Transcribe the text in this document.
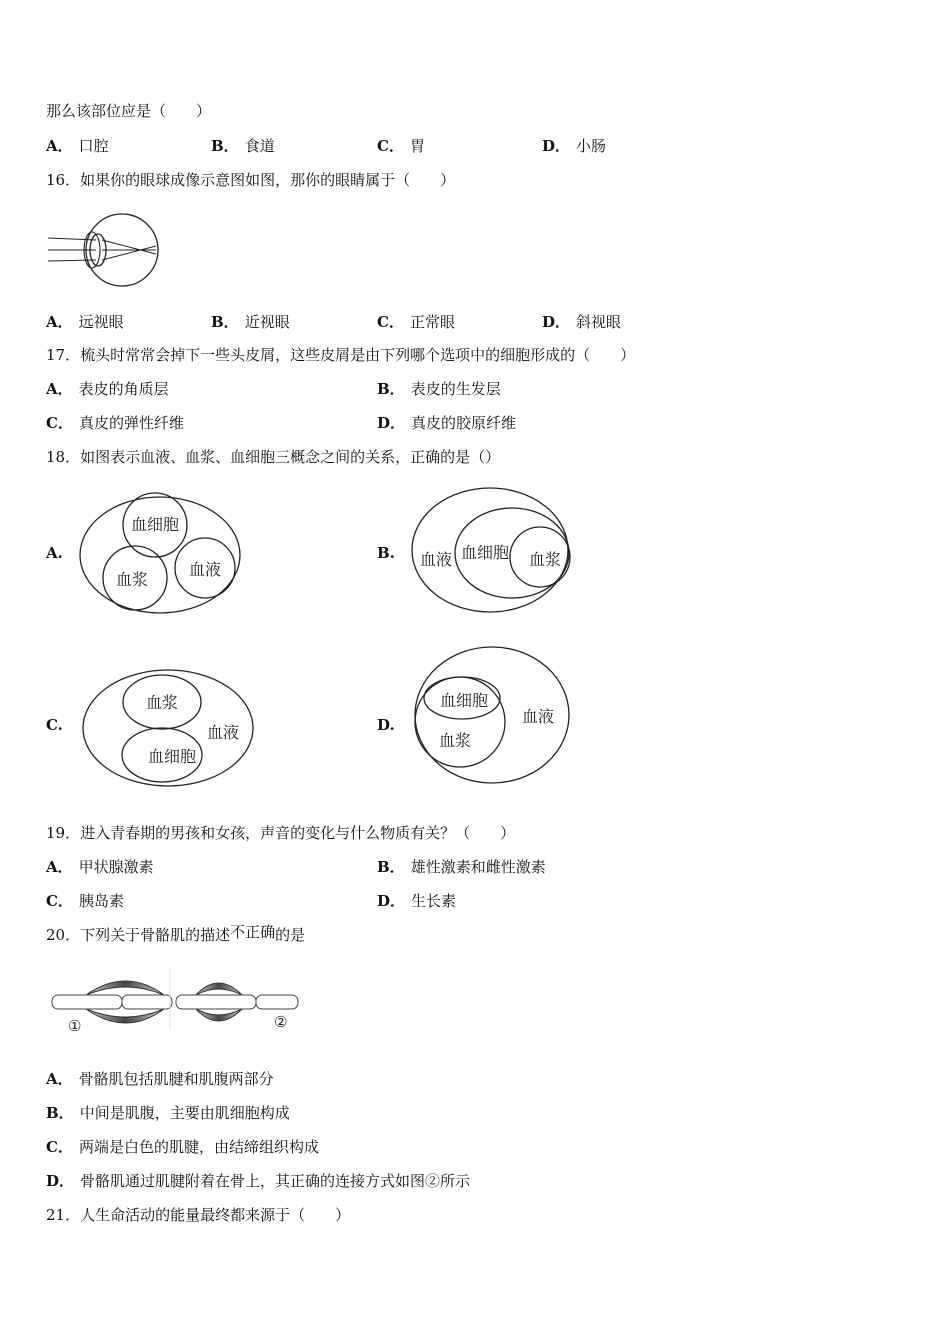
那么该部位应是（　　）
A． 口腔	B． 食道	C． 胃	D． 小肠
16．如果你的眼球成像示意图如图，那你的眼睛属于（　　）
A． 远视眼	B． 近视眼	C． 正常眼	D． 斜视眼
17．梳头时常常会掉下一些头皮屑，这些皮屑是由下列哪个选项中的细胞形成的（　　）
A． 表皮的角质层	B． 表皮的生发层
C． 真皮的弹性纤维	D． 真皮的胶原纤维
18．如图表示血液、血浆、血细胞三概念之间的关系，正确的是（）
A.
血细胞
血浆
血液
血液 血细胞 血浆
血浆
血细胞
血液
血细胞
血浆
血液
B.
C.	D.
19．进入青春期的男孩和女孩，声音的变化与什么物质有关？（　　）
A． 甲状腺激素	B． 雄性激素和雌性激素
C． 胰岛素	D． 生长素
20．下列关于骨骼肌的描述不正确的是
①	②
A． 骨骼肌包括肌腱和肌腹两部分
B． 中间是肌腹，主要由肌细胞构成
C． 两端是白色的肌腱，由结缔组织构成
D． 骨骼肌通过肌腱附着在骨上，其正确的连接方式如图②所示
21．人生命活动的能量最终都来源于（　　）
